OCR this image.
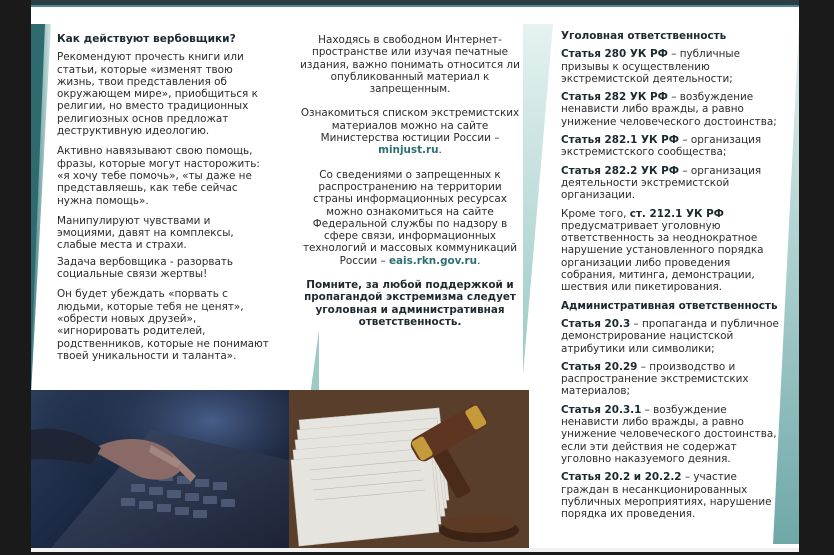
Как действуют вербовщики?

Рекомендуют прочесть книги или статьи, которые «изменят твою жизнь, твои представления об окружающем мире», приобщиться к религии, но вместо традиционных религиозных основ предложат деструктивную идеологию.

Активно навязывают свою помощь, фразы, которые могут насторожить: «я хочу тебе помочь», «ты даже не представляешь, как тебе сейчас нужна помощь».

Манипулируют чувствами и эмоциями, давят на комплексы, слабые места и страхи.

Задача вербовщика - разорвать социальные связи жертвы!

Он будет убеждать «порвать с людьми, которые тебя не ценят», «обрести новых друзей», «игнорировать родителей, родственников, которые не понимают твоей уникальности и таланта».

Находясь в свободном Интернет-пространстве или изучая печатные издания, важно понимать относится ли опубликованный материал к запрещенным.

Ознакомиться списком экстремистских материалов можно на сайте Министерства юстиции России – minjust.ru.

Со сведениями о запрещенных к распространению на территории страны информационных ресурсах можно ознакомиться на сайте Федеральной службы по надзору в сфере связи, информационных технологий и массовых коммуникаций России – eais.rkn.gov.ru.

Помните, за любой поддержкой и пропагандой экстремизма следует уголовная и административная ответственность.

Уголовная ответственность

Статья 280 УК РФ – публичные призывы к осуществлению экстремистской деятельности;

Статья 282 УК РФ – возбуждение ненависти либо вражды, а равно унижение человеческого достоинства;

Статья 282.1 УК РФ – организация экстремистского сообщества;

Статья 282.2 УК РФ – организация деятельности экстремистской организации.

Кроме того, ст. 212.1 УК РФ предусматривает уголовную ответственность за неоднократное нарушение установленного порядка организации либо проведения собрания, митинга, демонстрации, шествия или пикетирования.

Административная ответственность

Статья 20.3 – пропаганда и публичное демонстрирование нацистской атрибутики или символики;

Статья 20.29 – производство и распространение экстремистских материалов;

Статья 20.3.1 – возбуждение ненависти либо вражды, а равно унижение человеческого достоинства, если эти действия не содержат уголовно наказуемого деяния.

Статья 20.2 и 20.2.2 – участие граждан в несанкционированных публичных мероприятиях, нарушение порядка их проведения.
